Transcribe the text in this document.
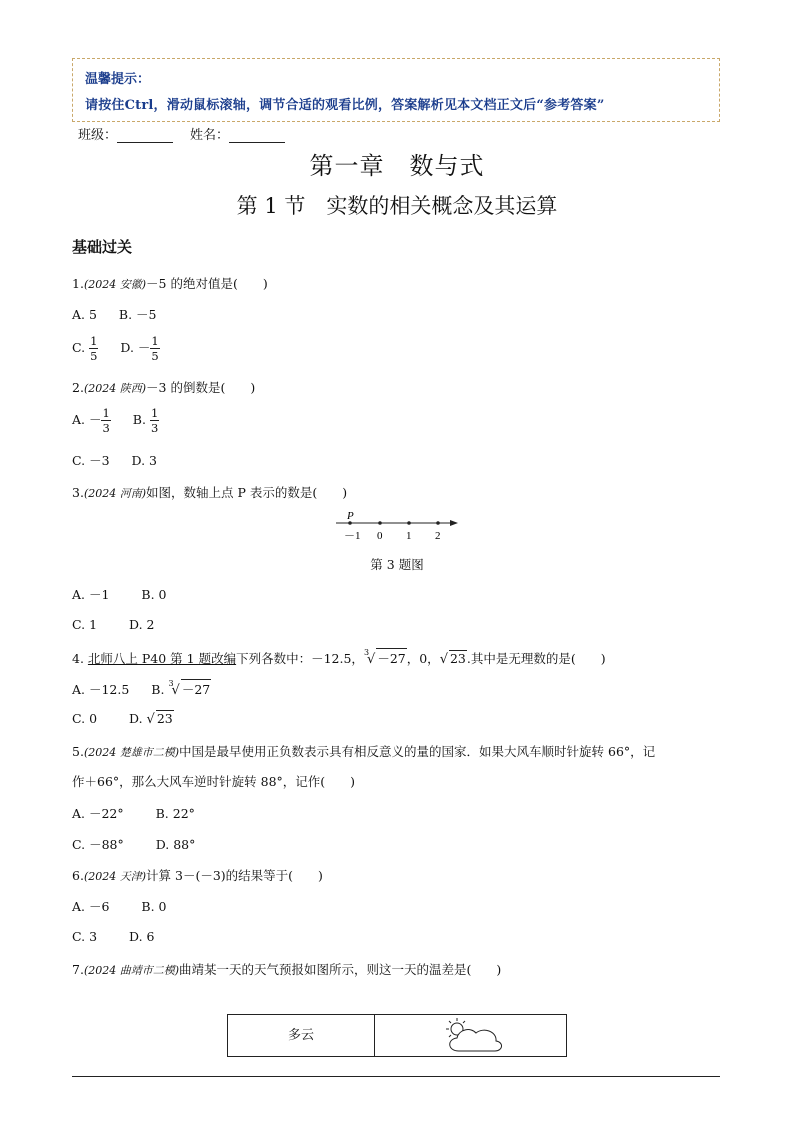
温馨提示：
请按住Ctrl，滑动鼠标滚轴，调节合适的观看比例，答案解析见本文档正文后“参考答案”
班级：	姓名：
第一章　数与式
第 1 节　实数的相关概念及其运算
基础过关
1.(2024 安徽)－5 的绝对值是(　　)
A. 5 B. －5
C. $\frac{1}{5} D$. － $\frac{1}{5}$
2.(2024 陕西)－3 的倒数是(　　)
A. － $\frac{1}{3} B$. $\frac{1}{3}$
C. －3 D. 3
3.(2024 河南)如图，数轴上点 P 表示的数是(　　)
P
－1 0 1 2
第 3 题图
A. －1	B. 0
C. 1	D. 2
4. 北师八上 P40 第 1 题改编下列各数中：－12.5，$^3$√ －27，0，√ 23.其中是无理数的是(　　)
A. －12.5 B. $^3$√ －27
C. 0	D. √ 23
5.(2024 楚雄市二模)中国是最早使用正负数表示具有相反意义的量的国家．如果大风车顺时针旋转 66°，记
作＋66°，那么大风车逆时针旋转 88°，记作(　　)
A. －22°	B. 22°
C. －88°	D. 88°
6.(2024 天津)计算 3－(－3)的结果等于(　　)
A. －6	B. 0
C. 3	D. 6
7.(2024 曲靖市二模)曲靖某一天的天气预报如图所示，则这一天的温差是(　　)
多云
